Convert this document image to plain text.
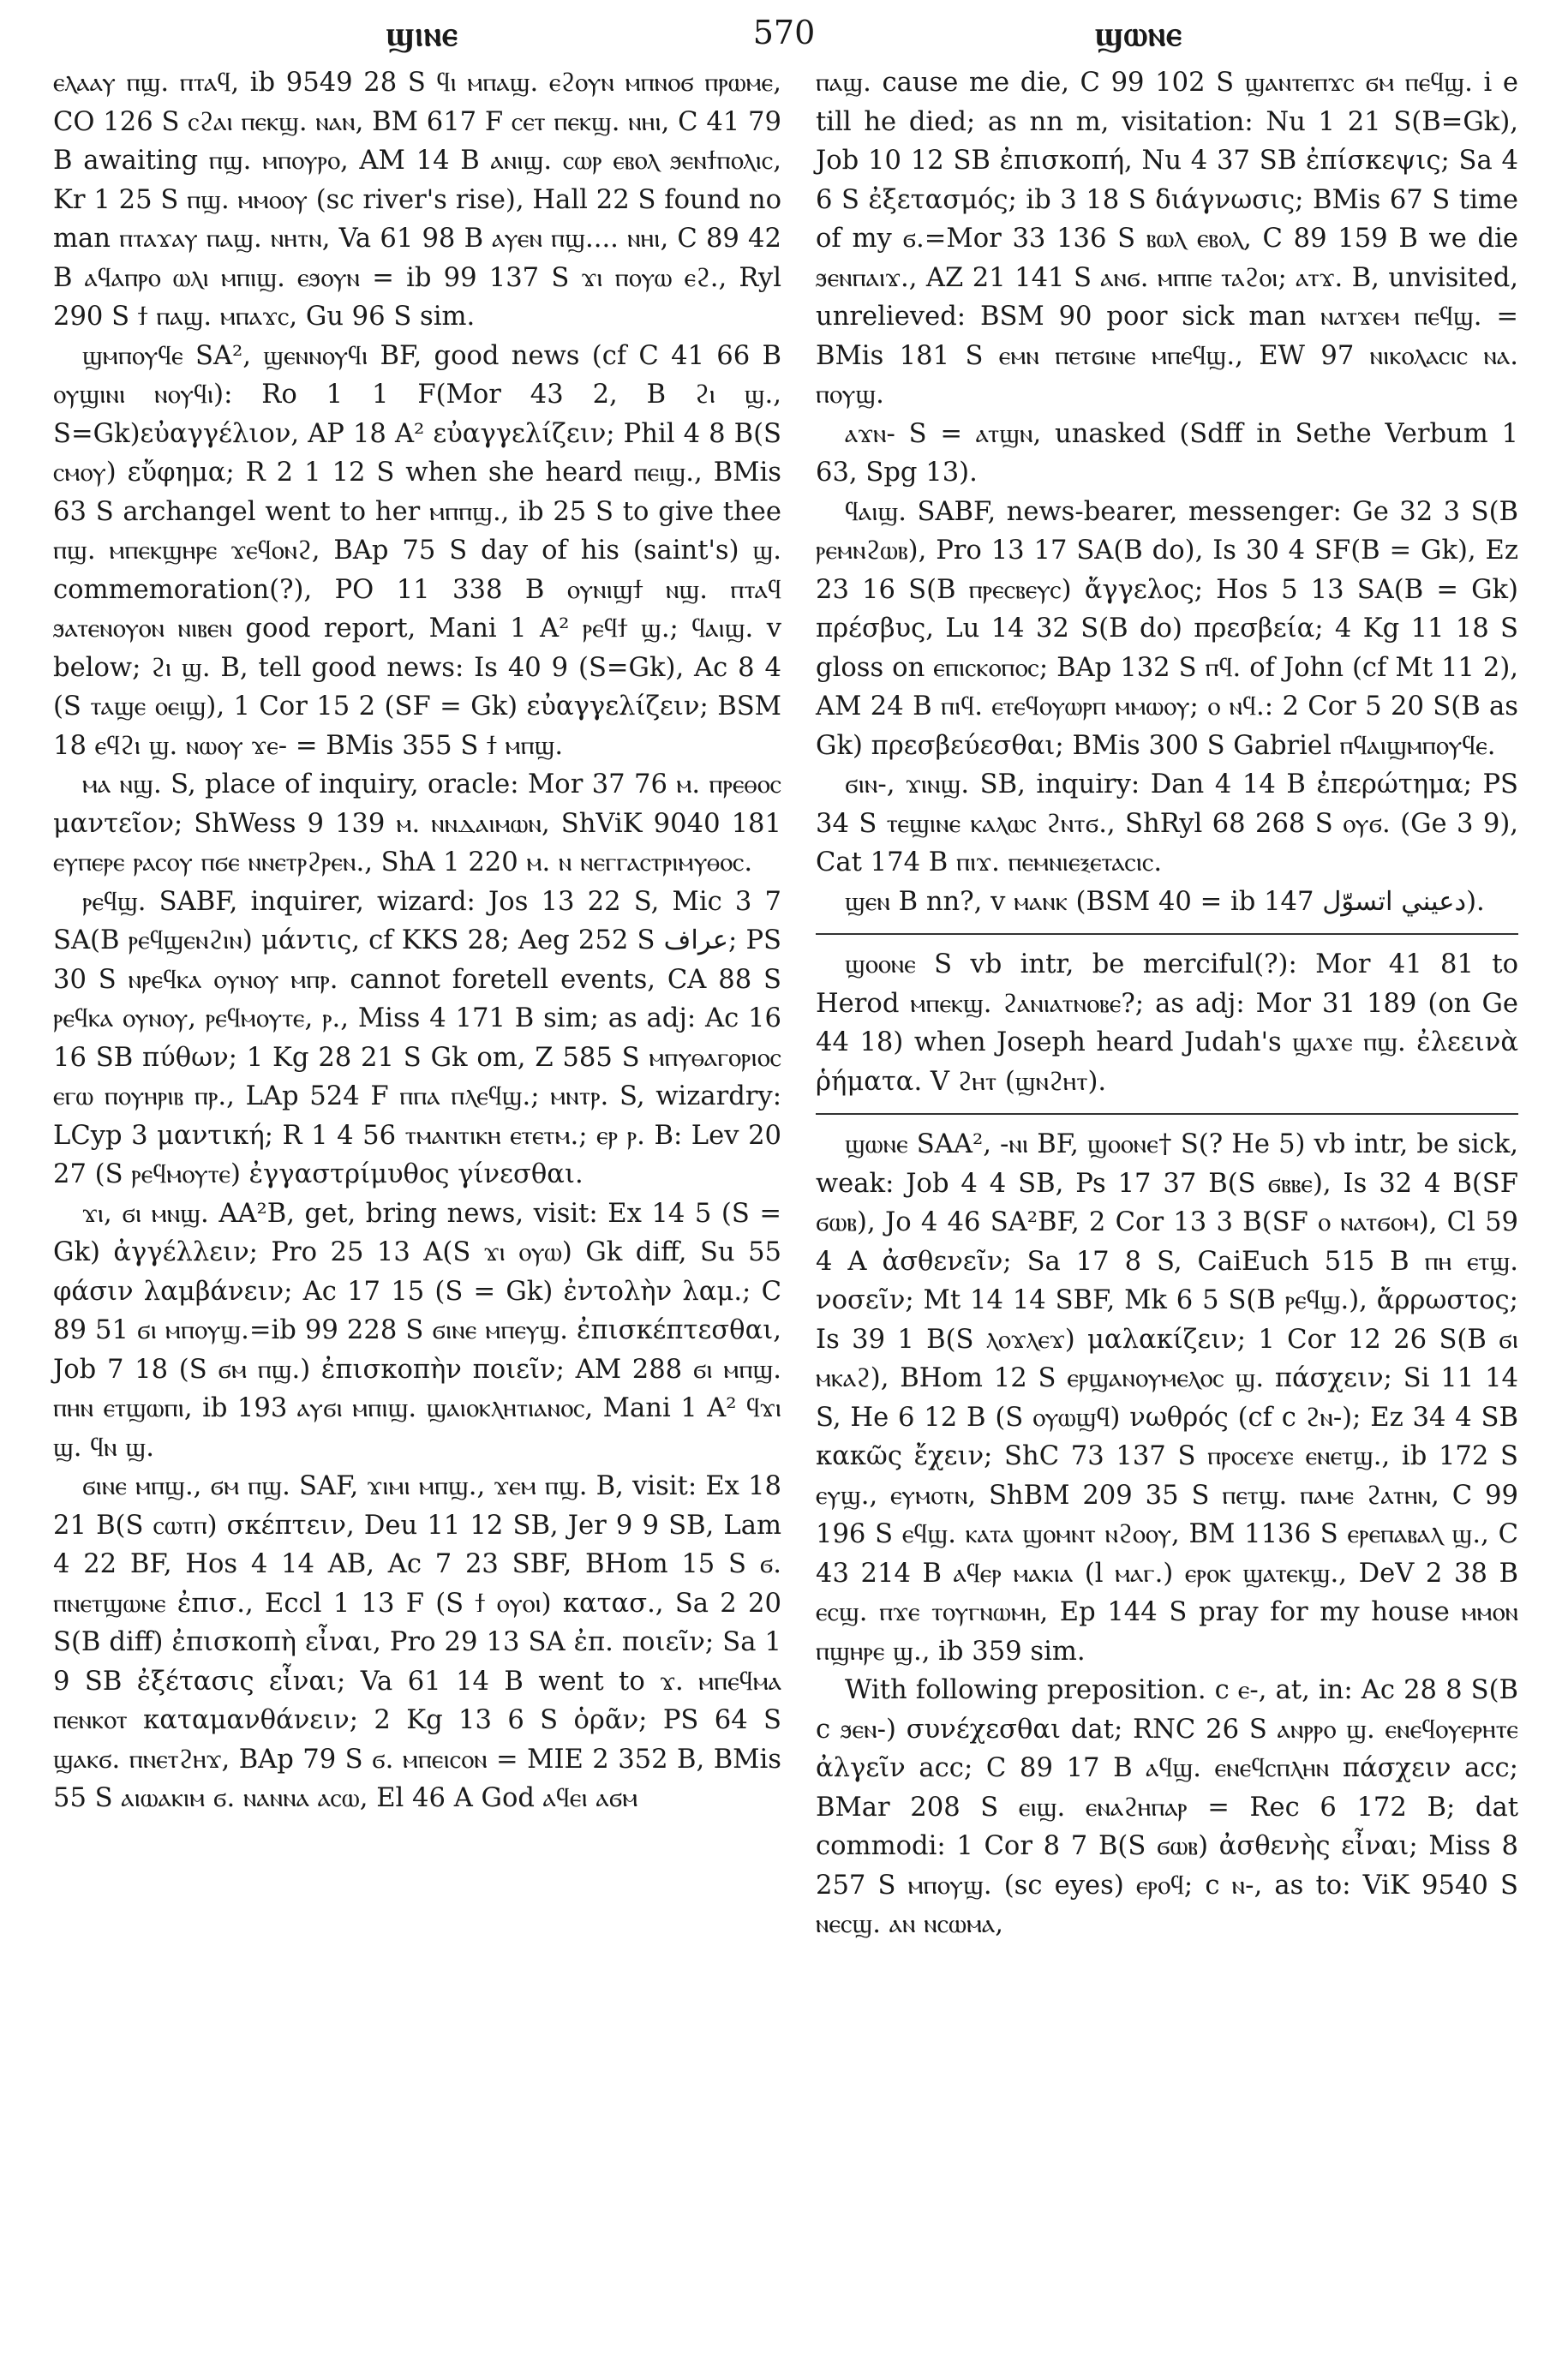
ϣⲓⲛⲉ	570	ϣⲱⲛⲉ

ⲉⲗⲁⲁⲩ ⲡϣ. ⲡⲧⲁϥ, ib 9549 28 S ϥⲓ ⲙⲡⲁϣ. ⲉϩⲟⲩⲛ ⲙⲡⲛⲟϭ ⲡⲣⲱⲙⲉ, CO 126 S ⲥϩⲁⲓ ⲡⲉⲕϣ. ⲛⲁⲛ, BM 617 F ⲥⲉⲧ ⲡⲉⲕϣ. ⲛⲏⲓ, C 41 79 B awaiting ⲡϣ. ⲙⲡⲟⲩⲣⲟ, AM 14 B ⲁⲛⲓϣ. ⲥⲱⲣ ⲉⲃⲟⲗ ϧⲉⲛϯⲡⲟⲗⲓⲥ, Kr 1 25 S ⲡϣ. ⲙⲙⲟⲟⲩ (sc river's rise), Hall 22 S found no man ⲡⲧⲁϫⲁⲩ ⲡⲁϣ. ⲛⲏⲧⲛ, Va 61 98 B ⲁⲩⲉⲛ ⲡϣ.... ⲛⲏⲓ, C 89 42 B ⲁϥⲁⲡⲣⲟ ⲱⲗⲓ ⲙⲡⲓϣ. ⲉϧⲟⲩⲛ = ib 99 137 S ϫⲓ ⲡⲟⲩⲱ ⲉϩ., Ryl 290 S ϯ ⲡⲁϣ. ⲙⲡⲁϫⲥ, Gu 96 S sim.

ϣⲙⲡⲟⲩϥⲉ SA², ϣⲉⲛⲛⲟⲩϥⲓ BF, good news (cf C 41 66 B ⲟⲩϣⲓⲛⲓ ⲛⲟⲩϥⲓ): Ro 1 1 F(Mor 43 2, B ϩⲓ ϣ., S=Gk)εὐαγγέλιον, AP 18 A² εὐαγγελίζειν; Phil 4 8 B(S ⲥⲙⲟⲩ) εὔφημα; R 2 1 12 S when she heard ⲡⲉⲓϣ., BMis 63 S archangel went to her ⲙⲡⲡϣ., ib 25 S to give thee ⲡϣ. ⲙⲡⲉⲕϣⲏⲣⲉ ϫⲉϥⲟⲛϩ, BAp 75 S day of his (saint's) ϣ. commemoration(?), PO 11 338 B ⲟⲩⲛⲓϣϯ ⲛϣ. ⲡⲧⲁϥ ϧⲁⲧⲉⲛⲟⲩⲟⲛ ⲛⲓⲃⲉⲛ good report, Mani 1 A² ⲣⲉϥϯ ϣ.; ϥⲁⲓϣ. v below; ϩⲓ ϣ. B, tell good news: Is 40 9 (S=Gk), Ac 8 4 (S ⲧⲁϣⲉ ⲟⲉⲓϣ), 1 Cor 15 2 (SF = Gk) εὐαγγελίζειν; BSM 18 ⲉϥϩⲓ ϣ. ⲛⲱⲟⲩ ϫⲉ- = BMis 355 S ϯ ⲙⲡϣ.

ⲙⲁ ⲛϣ. S, place of inquiry, oracle: Mor 37 76 ⲙ. ⲡⲣⲉⲑⲟⲥ μαντεῖον; ShWess 9 139 ⲙ. ⲛⲛⲇⲁⲓⲙⲱⲛ, ShViK 9040 181 ⲉⲩⲡⲉⲣⲉ ⲣⲁⲥⲟⲩ ⲡϭⲉ ⲛⲛⲉⲧⲣϩⲣⲉⲛ., ShA 1 220 ⲙ. ⲛ ⲛⲉⲅⲅⲁⲥⲧⲣⲓⲙⲩⲑⲟⲥ.

ⲣⲉϥϣ. SABF, inquirer, wizard: Jos 13 22 S, Mic 3 7 SA(B ⲣⲉϥϣⲉⲛϩⲓⲛ) μάντις, cf KKS 28; Aeg 252 S عراف; PS 30 S ⲛⲣⲉϥⲕⲁ ⲟⲩⲛⲟⲩ ⲙⲡⲣ. cannot foretell events, CA 88 S ⲣⲉϥⲕⲁ ⲟⲩⲛⲟⲩ, ⲣⲉϥⲙⲟⲩⲧⲉ, ⲣ., Miss 4 171 B sim; as adj: Ac 16 16 SB πύθων; 1 Kg 28 21 S Gk om, Z 585 S ⲙⲡⲩⲑⲁⲅⲟⲣⲓⲟⲥ ⲉⲅⲱ ⲡⲟⲩⲏⲣⲓⲃ ⲡⲣ., LAp 524 F ⲡⲡⲁ ⲡⲗⲉϥϣ.; ⲙⲛⲧⲣ. S, wizardry: LCyp 3 μαντική; R 1 4 56 ⲧⲙⲁⲛⲧⲓⲕⲏ ⲉⲧⲉⲧⲙ.; ⲉⲣ ⲣ. B: Lev 20 27 (S ⲣⲉϥⲙⲟⲩⲧⲉ) ἐγγαστρίμυθος γίνεσθαι.

ϫⲓ, ϭⲓ ⲙⲛϣ. AA²B, get, bring news, visit: Ex 14 5 (S = Gk) ἀγγέλλειν; Pro 25 13 A(S ϫⲓ ⲟⲩⲱ) Gk diff, Su 55 φάσιν λαμβάνειν; Ac 17 15 (S = Gk) ἐντολὴν λαμ.; C 89 51 ϭⲓ ⲙⲡⲟⲩϣ.=ib 99 228 S ϭⲓⲛⲉ ⲙⲡⲉⲩϣ. ἐπισκέπτεσθαι, Job 7 18 (S ϭⲙ ⲡϣ.) ἐπισκοπὴν ποιεῖν; AM 288 ϭⲓ ⲙⲡϣ. ⲡⲏⲛ ⲉⲧϣⲱⲡⲓ, ib 193 ⲁⲩϭⲓ ⲙⲡⲓϣ. ϣⲁⲓⲟⲕⲗⲏⲧⲓⲁⲛⲟⲥ, Mani 1 A² ϥϫⲓ ϣ. ϥⲛ ϣ.

ϭⲓⲛⲉ ⲙⲡϣ., ϭⲙ ⲡϣ. SAF, ϫⲓⲙⲓ ⲙⲡϣ., ϫⲉⲙ ⲡϣ. B, visit: Ex 18 21 B(S ⲥⲱⲧⲡ) σκέπτειν, Deu 11 12 SB, Jer 9 9 SB, Lam 4 22 BF, Hos 4 14 AB, Ac 7 23 SBF, BHom 15 S ϭ. ⲡⲛⲉⲧϣⲱⲛⲉ ἐπισ., Eccl 1 13 F (S ϯ ⲟⲩⲟⲓ) κατασ., Sa 2 20 S(B diff) ἐπισκοπὴ εἶναι, Pro 29 13 SA ἐπ. ποιεῖν; Sa 1 9 SB ἐξέτασις εἶναι; Va 61 14 B went to ϫ. ⲙⲡⲉϥⲙⲁ ⲡⲉⲛⲕⲟⲧ καταμανθάνειν; 2 Kg 13 6 S ὁρᾶν; PS 64 S ϣⲁⲕϭ. ⲡⲛⲉⲧϩⲏϫ, BAp 79 S ϭ. ⲙⲡⲉⲓⲥⲟⲛ = MIE 2 352 B, BMis 55 S ⲁⲓⲱⲁⲕⲓⲙ ϭ. ⲛⲁⲛⲛⲁ ⲁⲥⲱ, El 46 A God ⲁϥⲉⲓ ⲁϭⲙ

ⲡⲁϣ. cause me die, C 99 102 S ϣⲁⲛⲧⲉⲡϫⲥ ϭⲙ ⲡⲉϥϣ. i e till he died; as nn m, visitation: Nu 1 21 S(B=Gk), Job 10 12 SB ἐπισκοπή, Nu 4 37 SB ἐπίσκεψις; Sa 4 6 S ἐξετασμός; ib 3 18 S διάγνωσις; BMis 67 S time of my ϭ.=Mor 33 136 S ⲃⲱⲗ ⲉⲃⲟⲗ, C 89 159 B we die ϧⲉⲛⲡⲁⲓϫ., AZ 21 141 S ⲁⲛϭ. ⲙⲡⲡⲉ ⲧⲁϩⲟⲓ; ⲁⲧϫ. B, unvisited, unrelieved: BSM 90 poor sick man ⲛⲁⲧϫⲉⲙ ⲡⲉϥϣ. = BMis 181 S ⲉⲙⲛ ⲡⲉⲧϭⲓⲛⲉ ⲙⲡⲉϥϣ., EW 97 ⲛⲓⲕⲟⲗⲁⲥⲓⲥ ⲛⲁ. ⲡⲟⲩϣ.

ⲁϫⲛ- S = ⲁⲧϣⲛ, unasked (Sdff in Sethe Verbum 1 63, Spg 13).

ϥⲁⲓϣ. SABF, news-bearer, messenger: Ge 32 3 S(B ⲣⲉⲙⲛϩⲱⲃ), Pro 13 17 SA(B do), Is 30 4 SF(B = Gk), Ez 23 16 S(B ⲡⲣⲉⲥⲃⲉⲩⲥ) ἄγγελος; Hos 5 13 SA(B = Gk) πρέσβυς, Lu 14 32 S(B do) πρεσβεία; 4 Kg 11 18 S gloss on ⲉⲡⲓⲥⲕⲟⲡⲟⲥ; BAp 132 S ⲡϥ. of John (cf Mt 11 2), AM 24 B ⲡⲓϥ. ⲉⲧⲉϥⲟⲩⲱⲣⲡ ⲙⲙⲱⲟⲩ; ⲟ ⲛϥ.: 2 Cor 5 20 S(B as Gk) πρεσβεύεσθαι; BMis 300 S Gabriel ⲡϥⲁⲓϣⲙⲡⲟⲩϥⲉ.

ϭⲓⲛ-, ϫⲓⲛϣ. SB, inquiry: Dan 4 14 B ἐπερώτημα; PS 34 S ⲧⲉϣⲓⲛⲉ ⲕⲁⲗⲱⲥ ϩⲛⲧϭ., ShRyl 68 268 S ⲟⲩϭ. (Ge 3 9), Cat 174 B ⲡⲓϫ. ⲡⲉⲙⲛⲓⲉⲝⲉⲧⲁⲥⲓⲥ.

ϣⲉⲛ B nn?, v ⲙⲁⲛⲕ (BSM 40 = ib 147 دعيني اتسوّل).

ϣⲟⲟⲛⲉ S vb intr, be merciful(?): Mor 41 81 to Herod ⲙⲡⲉⲕϣ. ϩⲁⲛⲓⲁⲧⲛⲟⲃⲉ?; as adj: Mor 31 189 (on Ge 44 18) when Joseph heard Judah's ϣⲁϫⲉ ⲡϣ. ἐλεεινὰ ῥήματα. V ϩⲏⲧ (ϣⲛϩⲏⲧ).

ϣⲱⲛⲉ SAA², -ⲛⲓ BF, ϣⲟⲟⲛⲉ† S(? He 5) vb intr, be sick, weak: Job 4 4 SB, Ps 17 37 B(S ϭⲃⲃⲉ), Is 32 4 B(SF ϭⲱⲃ), Jo 4 46 SA²BF, 2 Cor 13 3 B(SF ⲟ ⲛⲁⲧϭⲟⲙ), Cl 59 4 A ἀσθενεῖν; Sa 17 8 S, CaiEuch 515 B ⲡⲏ ⲉⲧϣ. νοσεῖν; Mt 14 14 SBF, Mk 6 5 S(B ⲣⲉϥϣ.), ἄρρωστος; Is 39 1 B(S ⲗⲟϫⲗⲉϫ) μαλακίζειν; 1 Cor 12 26 S(B ϭⲓ ⲙⲕⲁϩ), BHom 12 S ⲉⲣϣⲁⲛⲟⲩⲙⲉⲗⲟⲥ ϣ. πάσχειν; Si 11 14 S, He 6 12 B (S ⲟⲩⲱϣϥ) νωθρός (cf c ϩⲛ-); Ez 34 4 SB κακῶς ἔχειν; ShC 73 137 S ⲡⲣⲟⲥⲉϫⲉ ⲉⲛⲉⲧϣ., ib 172 S ⲉⲩϣ., ⲉⲩⲙⲟⲧⲛ, ShBM 209 35 S ⲡⲉⲧϣ. ⲡⲁⲙⲉ ϩⲁⲧⲏⲛ, C 99 196 S ⲉϥϣ. ⲕⲁⲧⲁ ϣⲟⲙⲛⲧ ⲛϩⲟⲟⲩ, BM 1136 S ⲉⲣⲉⲡⲁⲃⲁⲗ ϣ., C 43 214 B ⲁϥⲉⲣ ⲙⲁⲕⲓⲁ (l ⲙⲁⲅ.) ⲉⲣⲟⲕ ϣⲁⲧⲉⲕϣ., DeV 2 38 B ⲉⲥϣ. ⲡϫⲉ ⲧⲟⲩⲅⲛⲱⲙⲏ, Ep 144 S pray for my house ⲙⲙⲟⲛ ⲡϣⲏⲣⲉ ϣ., ib 359 sim.

With following preposition. c ⲉ-, at, in: Ac 28 8 S(B c ϧⲉⲛ-) συνέχεσθαι dat; RNC 26 S ⲁⲛⲣⲣⲟ ϣ. ⲉⲛⲉϥⲟⲩⲉⲣⲏⲧⲉ ἀλγεῖν acc; C 89 17 B ⲁϥϣ. ⲉⲛⲉϥⲥⲡⲗⲏⲛ πάσχειν acc; BMar 208 S ⲉⲓϣ. ⲉⲛⲁϩⲏⲡⲁⲣ = Rec 6 172 B; dat commodi: 1 Cor 8 7 B(S ϭⲱⲃ) ἀσθενὴς εἶναι; Miss 8 257 S ⲙⲡⲟⲩϣ. (sc eyes) ⲉⲣⲟϥ; c ⲛ-, as to: ViK 9540 S ⲛⲉⲥϣ. ⲁⲛ ⲛⲥⲱⲙⲁ,
